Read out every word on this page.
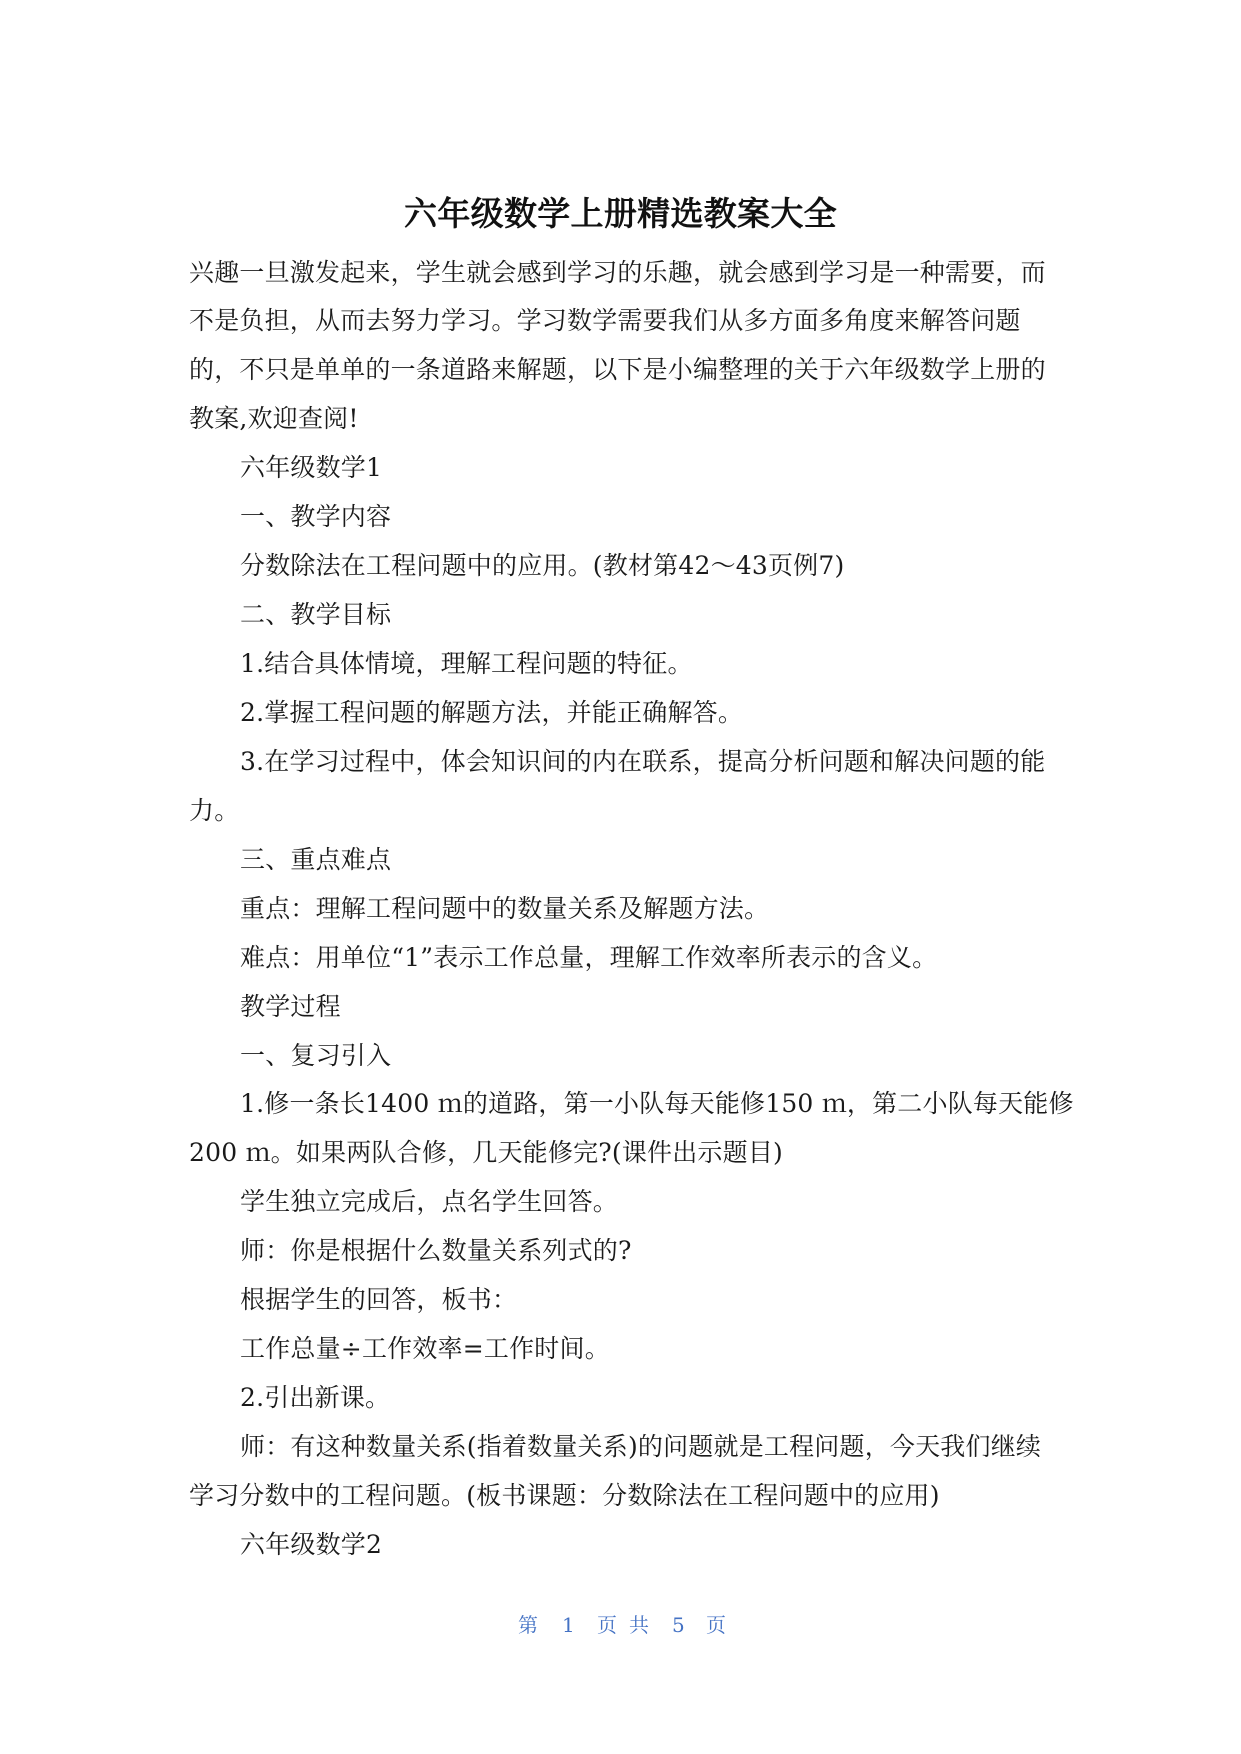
六年级数学上册精选教案大全
兴趣一旦激发起来，学生就会感到学习的乐趣，就会感到学习是一种需要，而
不是负担，从而去努力学习。学习数学需要我们从多方面多角度来解答问题
的，不只是单单的一条道路来解题，以下是小编整理的关于六年级数学上册的
教案,欢迎查阅!
六年级数学1
一、教学内容
分数除法在工程问题中的应用。(教材第42～43页例7)
二、教学目标
1.结合具体情境，理解工程问题的特征。
2.掌握工程问题的解题方法，并能正确解答。
3.在学习过程中，体会知识间的内在联系，提高分析问题和解决问题的能
力。
三、重点难点
重点：理解工程问题中的数量关系及解题方法。
难点：用单位“1”表示工作总量，理解工作效率所表示的含义。
教学过程
一、复习引入
1.修一条长1400 ｍ的道路，第一小队每天能修150 ｍ，第二小队每天能修
200 ｍ。如果两队合修，几天能修完?(课件出示题目)
学生独立完成后，点名学生回答。
师：你是根据什么数量关系列式的?
根据学生的回答，板书：
工作总量÷工作效率=工作时间。
2.引出新课。
师：有这种数量关系(指着数量关系)的问题就是工程问题，今天我们继续
学习分数中的工程问题。(板书课题：分数除法在工程问题中的应用)
六年级数学2
第 1 页 共 5 页
